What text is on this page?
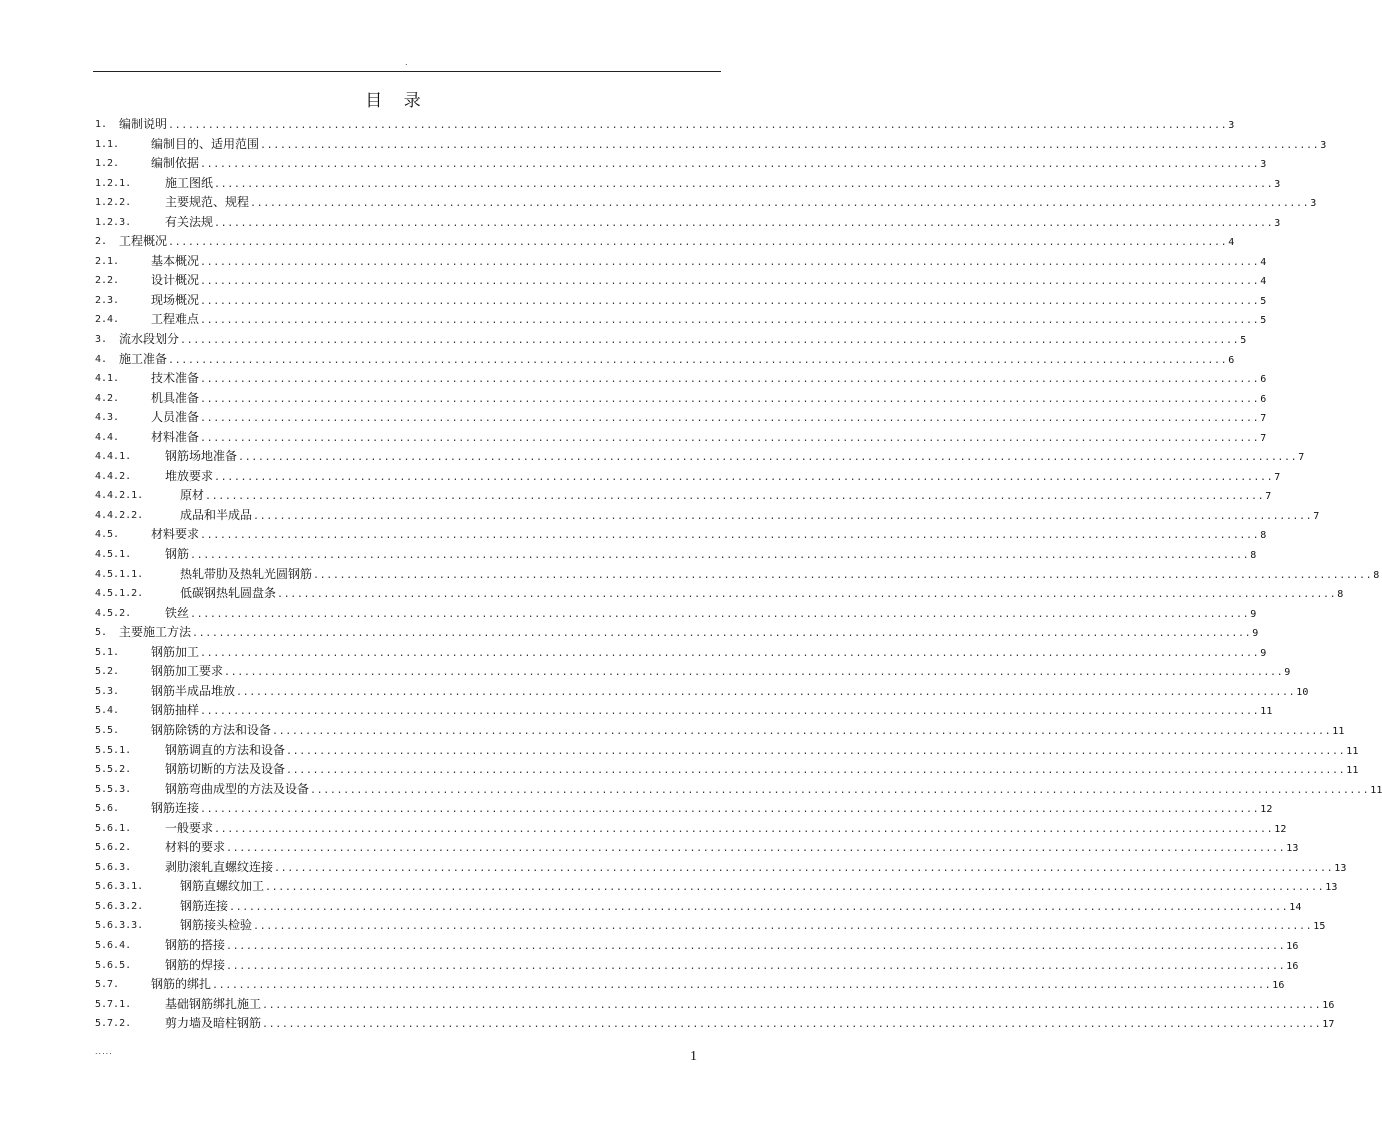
.
目 录
1. 编制说明 ................................................................................................................................................................ 3
1.1.	编制目的、适用范围 ................................................................................................................................................................ 3
1.2.	编制依据 ................................................................................................................................................................ 3
1.2.1.	施工图纸 ................................................................................................................................................................ 3
1.2.2.	主要规范、规程 ................................................................................................................................................................ 3
1.2.3.	有关法规 ................................................................................................................................................................ 3
2. 工程概况 ................................................................................................................................................................ 4
2.1.	基本概况 ................................................................................................................................................................ 4
2.2.	设计概况 ................................................................................................................................................................ 4
2.3.	现场概况 ................................................................................................................................................................ 5
2.4.	工程难点 ................................................................................................................................................................ 5
3. 流水段划分 ................................................................................................................................................................ 5
4. 施工准备 ................................................................................................................................................................ 6
4.1.	技术准备 ................................................................................................................................................................ 6
4.2.	机具准备 ................................................................................................................................................................ 6
4.3.	人员准备 ................................................................................................................................................................ 7
4.4.	材料准备 ................................................................................................................................................................ 7
4.4.1.	钢筋场地准备 ................................................................................................................................................................ 7
4.4.2.	堆放要求 ................................................................................................................................................................ 7
4.4.2.1.	原材 ................................................................................................................................................................ 7
4.4.2.2.	成品和半成品 ................................................................................................................................................................ 7
4.5.	材料要求 ................................................................................................................................................................ 8
4.5.1.	钢筋 ................................................................................................................................................................ 8
4.5.1.1.	热轧带肋及热轧光圆钢筋 ................................................................................................................................................................ 8
4.5.1.2.	低碳钢热轧圆盘条 ................................................................................................................................................................ 8
4.5.2.	铁丝 ................................................................................................................................................................ 9
5. 主要施工方法 ................................................................................................................................................................ 9
5.1.	钢筋加工 ................................................................................................................................................................ 9
5.2.	钢筋加工要求 ................................................................................................................................................................ 9
5.3.	钢筋半成品堆放 ................................................................................................................................................................ 10
5.4.	钢筋抽样 ................................................................................................................................................................ 11
5.5.	钢筋除锈的方法和设备 ................................................................................................................................................................ 11
5.5.1.	钢筋调直的方法和设备 ................................................................................................................................................................ 11
5.5.2.	钢筋切断的方法及设备 ................................................................................................................................................................ 11
5.5.3.	钢筋弯曲成型的方法及设备 ................................................................................................................................................................ 11
5.6.	钢筋连接 ................................................................................................................................................................ 12
5.6.1.	一般要求 ................................................................................................................................................................ 12
5.6.2.	材料的要求 ................................................................................................................................................................ 13
5.6.3.	剥肋滚轧直螺纹连接 ................................................................................................................................................................ 13
5.6.3.1.	钢筋直螺纹加工 ................................................................................................................................................................ 13
5.6.3.2.	钢筋连接 ................................................................................................................................................................ 14
5.6.3.3.	钢筋接头检验 ................................................................................................................................................................ 15
5.6.4.	钢筋的搭接 ................................................................................................................................................................ 16
5.6.5.	钢筋的焊接 ................................................................................................................................................................ 16
5.7.	钢筋的绑扎 ................................................................................................................................................................ 16
5.7.1.	基础钢筋绑扎施工 ................................................................................................................................................................ 16
5.7.2.	剪力墙及暗柱钢筋 ................................................................................................................................................................ 17
.....	1
